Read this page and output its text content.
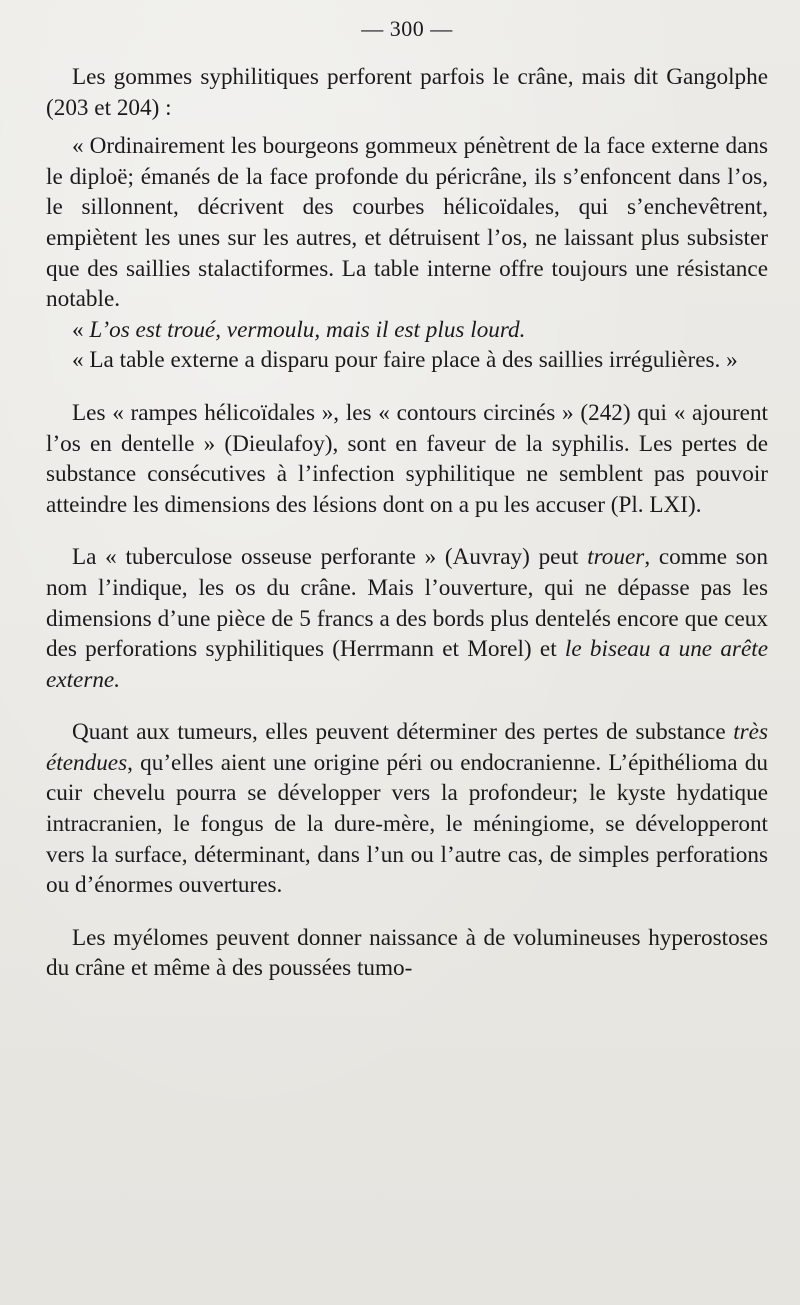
— 300 —

Les gommes syphilitiques perforent parfois le crâne, mais dit Gangolphe (203 et 204) :

« Ordinairement les bourgeons gommeux pénètrent de la face externe dans le diploë; émanés de la face profonde du péricrâne, ils s’enfoncent dans l’os, le sillonnent, décrivent des courbes hélicoïdales, qui s’enchevêtrent, empiètent les unes sur les autres, et détruisent l’os, ne laissant plus subsister que des saillies stalactiformes. La table interne offre toujours une résistance notable.

« L’os est troué, vermoulu, mais il est plus lourd.

« La table externe a disparu pour faire place à des saillies irrégulières. »

Les « rampes hélicoïdales », les « contours circinés » (242) qui « ajourent l’os en dentelle » (Dieulafoy), sont en faveur de la syphilis. Les pertes de substance consécutives à l’infection syphilitique ne semblent pas pouvoir atteindre les dimensions des lésions dont on a pu les accuser (Pl. LXI).

La « tuberculose osseuse perforante » (Auvray) peut trouer, comme son nom l’indique, les os du crâne. Mais l’ouverture, qui ne dépasse pas les dimensions d’une pièce de 5 francs a des bords plus dentelés encore que ceux des perforations syphilitiques (Herrmann et Morel) et le biseau a une arête externe.

Quant aux tumeurs, elles peuvent déterminer des pertes de substance très étendues, qu’elles aient une origine péri ou endocranienne. L’épithélioma du cuir chevelu pourra se développer vers la profondeur; le kyste hydatique intracranien, le fongus de la dure-mère, le méningiome, se développeront vers la surface, déterminant, dans l’un ou l’autre cas, de simples perforations ou d’énormes ouvertures.

Les myélomes peuvent donner naissance à de volumineuses hyperostoses du crâne et même à des poussées tumo-
